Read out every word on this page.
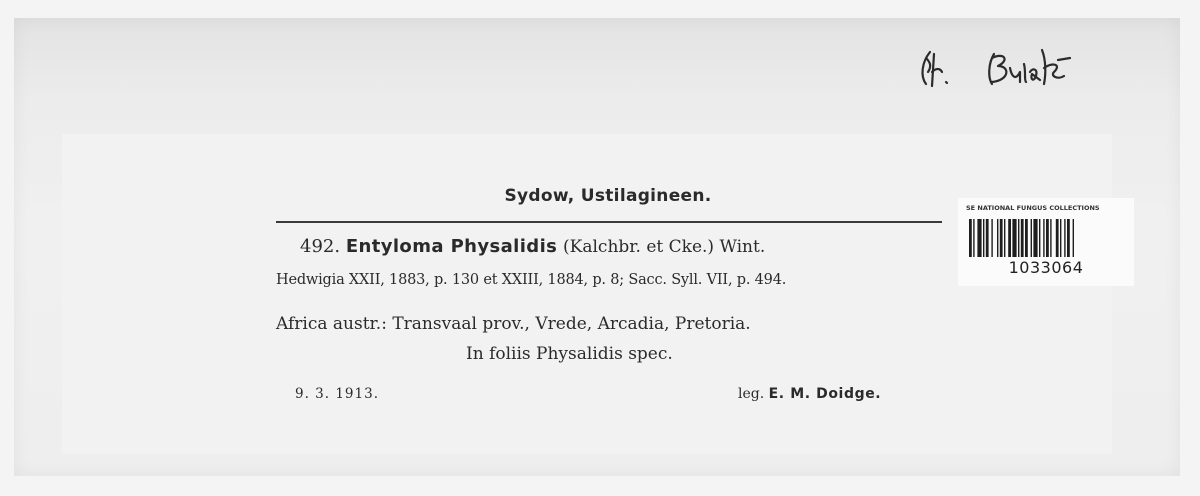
Sydow, Ustilagineen.
492. Entyloma Physalidis (Kalchbr. et Cke.) Wint.
Hedwigia XXII, 1883, p. 130 et XXIII, 1884, p. 8; Sacc. Syll. VII, p. 494.
Africa austr.: Transvaal prov., Vrede, Arcadia, Pretoria.
In foliis Physalidis spec.
9. 3. 1913.	leg. E. M. Doidge.
SE NATIONAL FUNGUS COLLECTIONS
1033064
